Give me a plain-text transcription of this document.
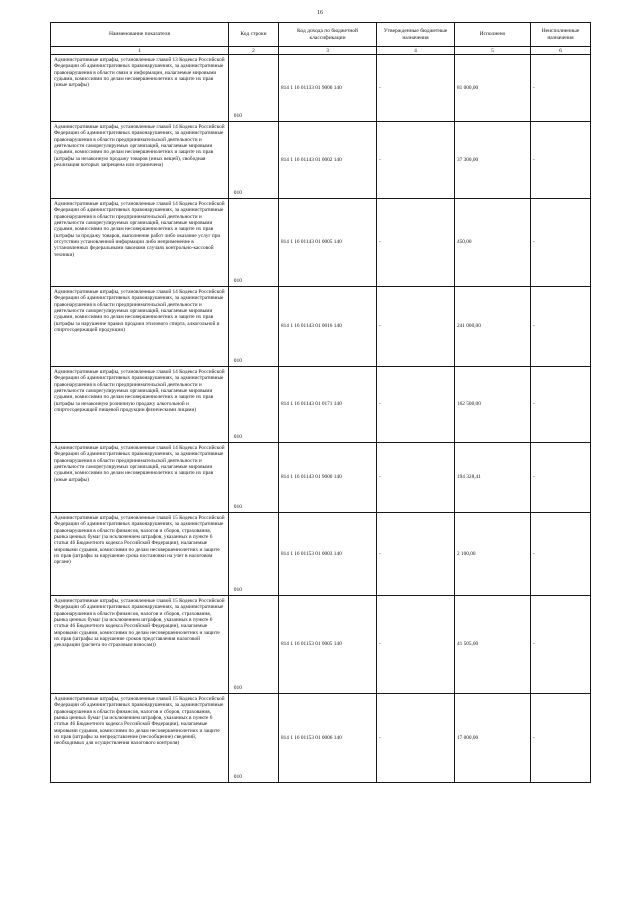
16
Наименование показателя	Код строки	Код дохода по бюджетной классификации	Утвержденные бюджетные назначения	Исполнено	Неисполненные назначения
1	2	3	4	5	6

Административные штрафы, установленные главой 13 Кодекса Российской Федерации об административных правонарушениях, за административные правонарушения в области связи и информации, налагаемые мировыми судьями, комиссиями по делам несовершеннолетних и защите их прав (иные штрафы)
010		814 1 16 01133 01 9000 140	-	81 000,00	-

Административные штрафы, установленные главой 14 Кодекса Российской Федерации об административных правонарушениях, за административные правонарушения в области предпринимательской деятельности и деятельности саморегулируемых организаций, налагаемые мировыми судьями, комиссиями по делам несовершеннолетних и защите их прав (штрафы за незаконную продажу товаров (иных вещей), свободная реализация которых запрещена или ограничена)
010		814 1 16 01143 01 0002 140	-	37 300,00	-

Административные штрафы, установленные главой 14 Кодекса Российской Федерации об административных правонарушениях, за административные правонарушения в области предпринимательской деятельности и деятельности саморегулируемых организаций, налагаемые мировыми судьями, комиссиями по делам несовершеннолетних и защите их прав (штрафы за продажу товаров, выполнение работ либо оказание услуг при отсутствии установленной информации либо неприменение в установленных федеральными законами случаях контрольно-кассовой техники)
010		814 1 16 01143 01 0005 140	-	450,00	-

Административные штрафы, установленные главой 14 Кодекса Российской Федерации об административных правонарушениях, за административные правонарушения в области предпринимательской деятельности и деятельности саморегулируемых организаций, налагаемые мировыми судьями, комиссиями по делам несовершеннолетних и защите их прав (штрафы за нарушение правил продажи этилового спирта, алкогольной и спиртосодержащей продукции)
010		814 1 16 01143 01 0016 140	-	241 000,00	-

Административные штрафы, установленные главой 14 Кодекса Российской Федерации об административных правонарушениях, за административные правонарушения в области предпринимательской деятельности и деятельности саморегулируемых организаций, налагаемые мировыми судьями, комиссиями по делам несовершеннолетних и защите их прав (штрафы за незаконную розничную продажу алкогольной и спиртосодержащей пищевой продукции физическими лицами)
010		814 1 16 01143 01 0171 140	-	162 500,00	-

Административные штрафы, установленные главой 14 Кодекса Российской Федерации об административных правонарушениях, за административные правонарушения в области предпринимательской деятельности и деятельности саморегулируемых организаций, налагаемые мировыми судьями, комиссиями по делам несовершеннолетних и защите их прав (иные штрафы)
010		814 1 16 01143 01 9000 140	-	194 328,41	-

Административные штрафы, установленные главой 15 Кодекса Российской Федерации об административных правонарушениях, за административные правонарушения в области финансов, налогов и сборов, страхования, рынка ценных бумаг (за исключением штрафов, указанных в пункте 6 статьи 46 Бюджетного кодекса Российской Федерации), налагаемые мировыми судьями, комиссиями по делам несовершеннолетних и защите их прав (штрафы за нарушение срока постановки на учет в налоговом органе)
010		814 1 16 01153 01 0003 140	-	2 100,00	-

Административные штрафы, установленные главой 15 Кодекса Российской Федерации об административных правонарушениях, за административные правонарушения в области финансов, налогов и сборов, страхования, рынка ценных бумаг (за исключением штрафов, указанных в пункте 6 статьи 46 Бюджетного кодекса Российской Федерации), налагаемые мировыми судьями, комиссиями по делам несовершеннолетних и защите их прав (штрафы за нарушение сроков представления налоговой декларации (расчета по страховым взносам))
010		814 1 16 01153 01 0005 140	-	41 505,00	-

Административные штрафы, установленные главой 15 Кодекса Российской Федерации об административных правонарушениях, за административные правонарушения в области финансов, налогов и сборов, страхования, рынка ценных бумаг (за исключением штрафов, указанных в пункте 6 статьи 46 Бюджетного кодекса Российской Федерации), налагаемые мировыми судьями, комиссиями по делам несовершеннолетних и защите их прав (штрафы за непредставление (несообщение) сведений, необходимых для осуществления налогового контроля)
010		814 1 16 01153 01 0006 140	-	17 000,00	-
